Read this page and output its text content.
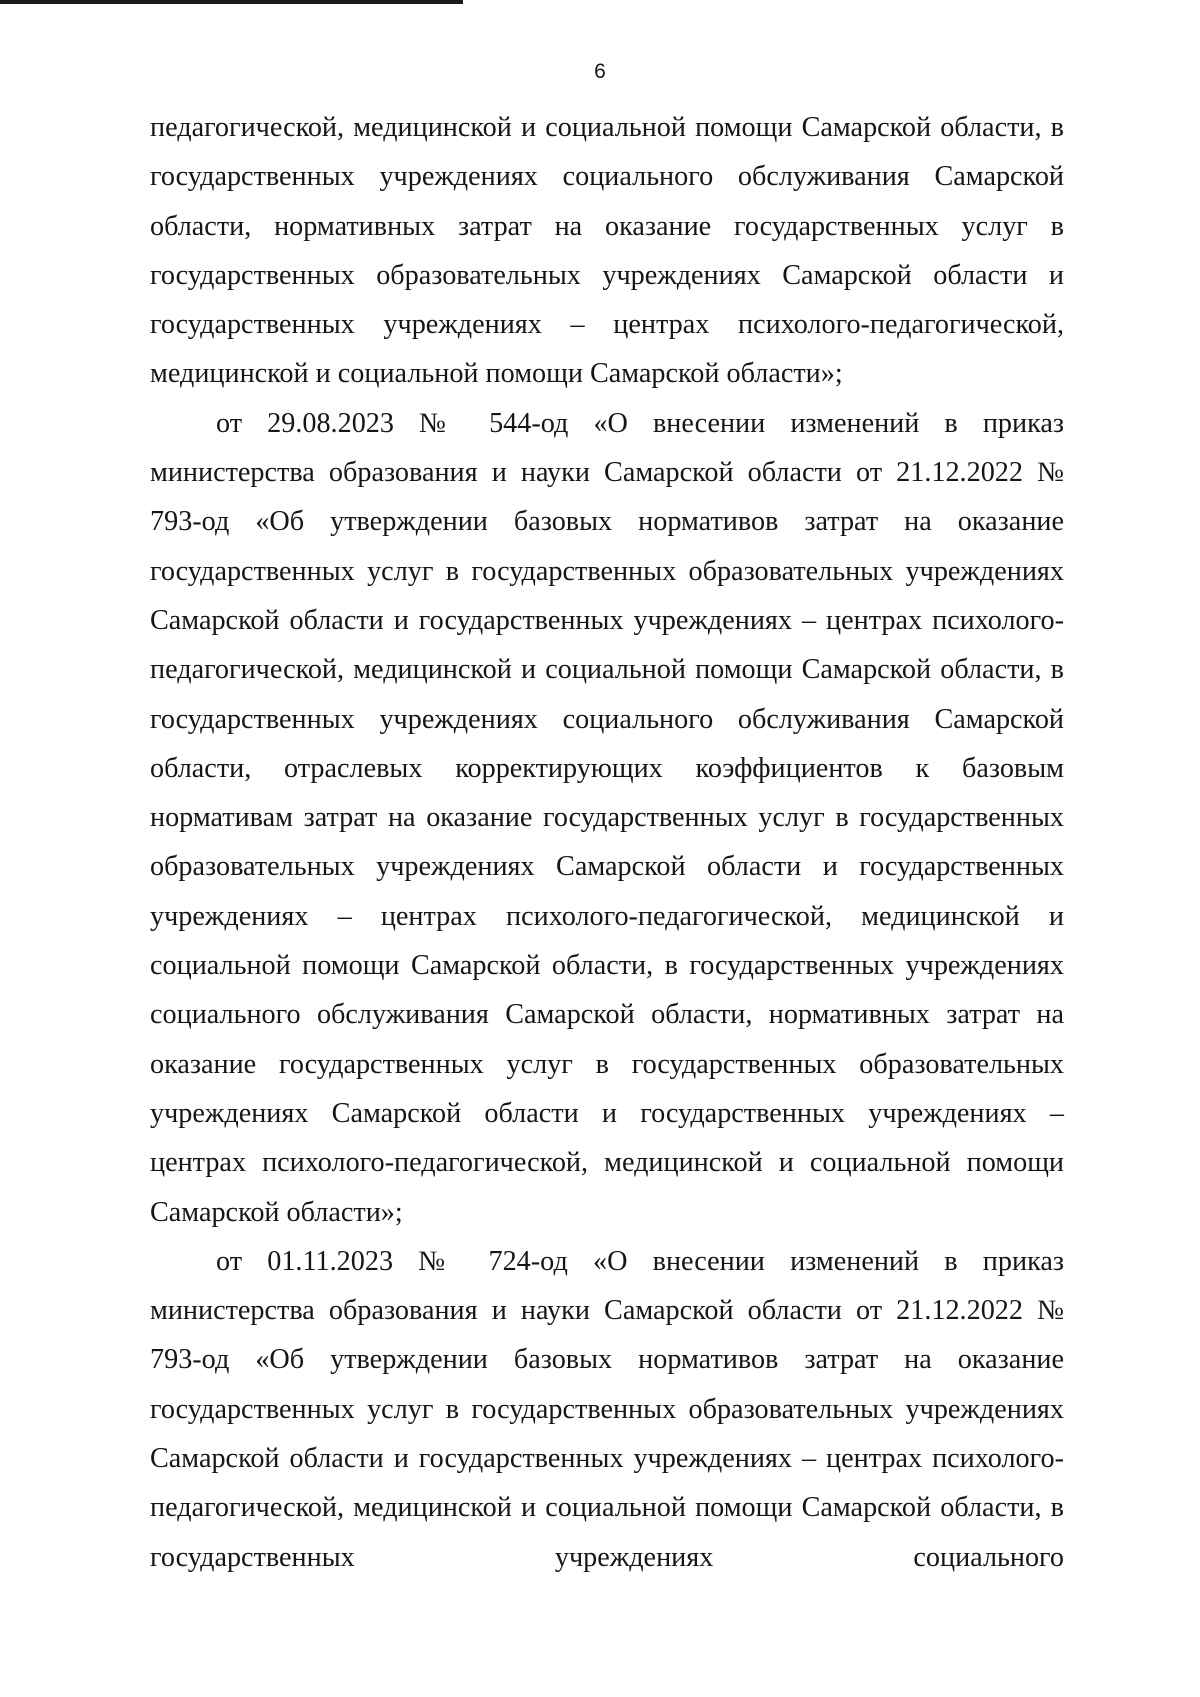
6

педагогической, медицинской и социальной помощи Самарской области, в государственных учреждениях социального обслуживания Самарской области, нормативных затрат на оказание государственных услуг в государственных образовательных учреждениях Самарской области и государственных учреждениях – центрах психолого-педагогической, медицинской и социальной помощи Самарской области»;

от 29.08.2023 № 544-од «О внесении изменений в приказ министерства образования и науки Самарской области от 21.12.2022 № 793-од «Об утверждении базовых нормативов затрат на оказание государственных услуг в государственных образовательных учреждениях Самарской области и государственных учреждениях – центрах психолого-педагогической, медицинской и социальной помощи Самарской области, в государственных учреждениях социального обслуживания Самарской области, отраслевых корректирующих коэффициентов к базовым нормативам затрат на оказание государственных услуг в государственных образовательных учреждениях Самарской области и государственных учреждениях – центрах психолого-педагогической, медицинской и социальной помощи Самарской области, в государственных учреждениях социального обслуживания Самарской области, нормативных затрат на оказание государственных услуг в государственных образовательных учреждениях Самарской области и государственных учреждениях – центрах психолого-педагогической, медицинской и социальной помощи Самарской области»;

от 01.11.2023 № 724-од «О внесении изменений в приказ министерства образования и науки Самарской области от 21.12.2022 № 793-од «Об утверждении базовых нормативов затрат на оказание государственных услуг в государственных образовательных учреждениях Самарской области и государственных учреждениях – центрах психолого-педагогической, медицинской и социальной помощи Самарской области, в государственных учреждениях социального
